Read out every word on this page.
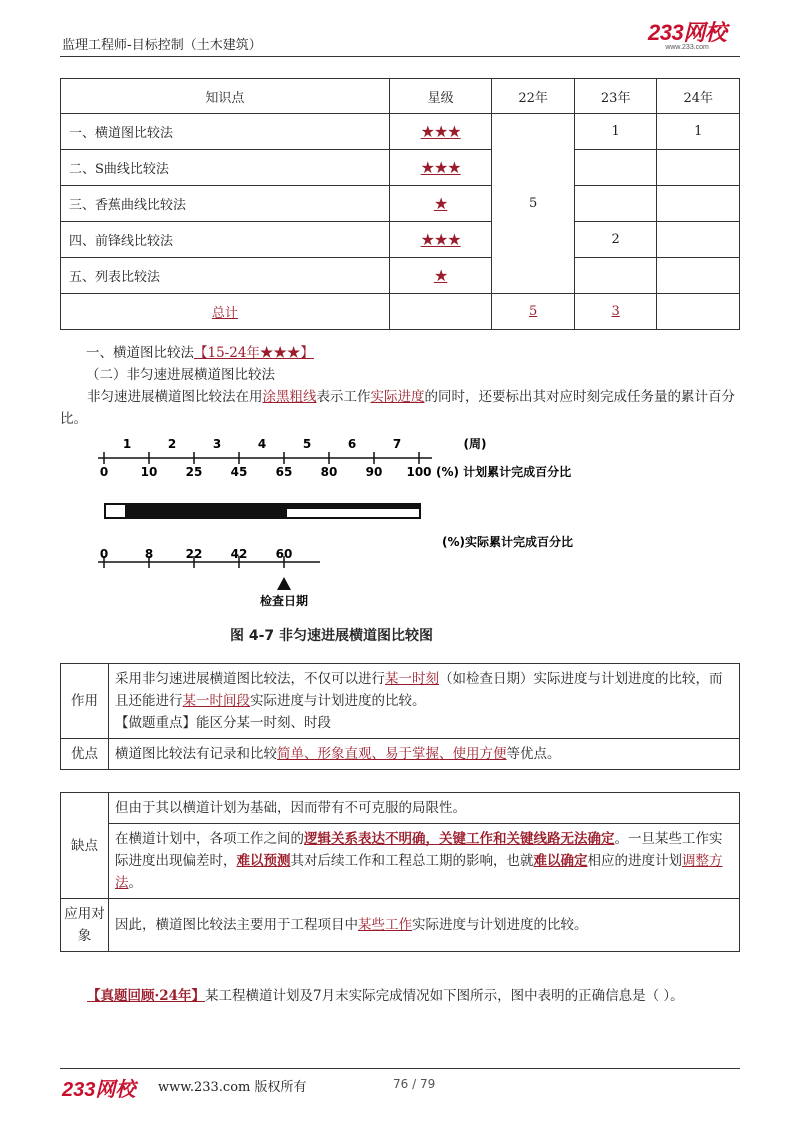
监理工程师-目标控制（土木建筑）
233网校
www.233.com
知识点	星级	22年	23年	24年
一、横道图比较法	★★★	5	1	1
二、S曲线比较法	★★★			
三、香蕉曲线比较法	★			
四、前锋线比较法	★★★		2	
五、列表比较法	★			
总计		5	3	
一、横道图比较法【15-24年★★★】
（二）非匀速进展横道图比较法
非匀速进展横道图比较法在用涂黑粗线表示工作实际进度的同时，还要标出其对应时刻完成任务量的累计百分比。
1	2	3	4	5	6	7	(周)
0	10 25 45 65 80 90 100 (%) 计划累计完成百分比
0	8	22 42 60
(%)实际累计完成百分比
检查日期
图 4-7 非匀速进展横道图比较图
作用	采用非匀速进展横道图比较法，不仅可以进行某一时刻（如检查日期）实际进度与计划进度的比较，而且还能进行某一时间段实际进度与计划进度的比较。
【做题重点】能区分某一时刻、时段
优点	横道图比较法有记录和比较简单、形象直观、易于掌握、使用方便等优点。
缺点	但由于其以横道计划为基础，因而带有不可克服的局限性。
	在横道计划中，各项工作之间的逻辑关系表达不明确，关键工作和关键线路无法确定。一旦某些工作实际进度出现偏差时，难以预测其对后续工作和工程总工期的影响，也就难以确定相应的进度计划调整方法。
应用对象	因此，横道图比较法主要用于工程项目中某些工作实际进度与计划进度的比较。
【真题回顾·24年】某工程横道计划及7月末实际完成情况如下图所示，图中表明的正确信息是（ ）。
233网校 www.233.com 版权所有	76 / 79
